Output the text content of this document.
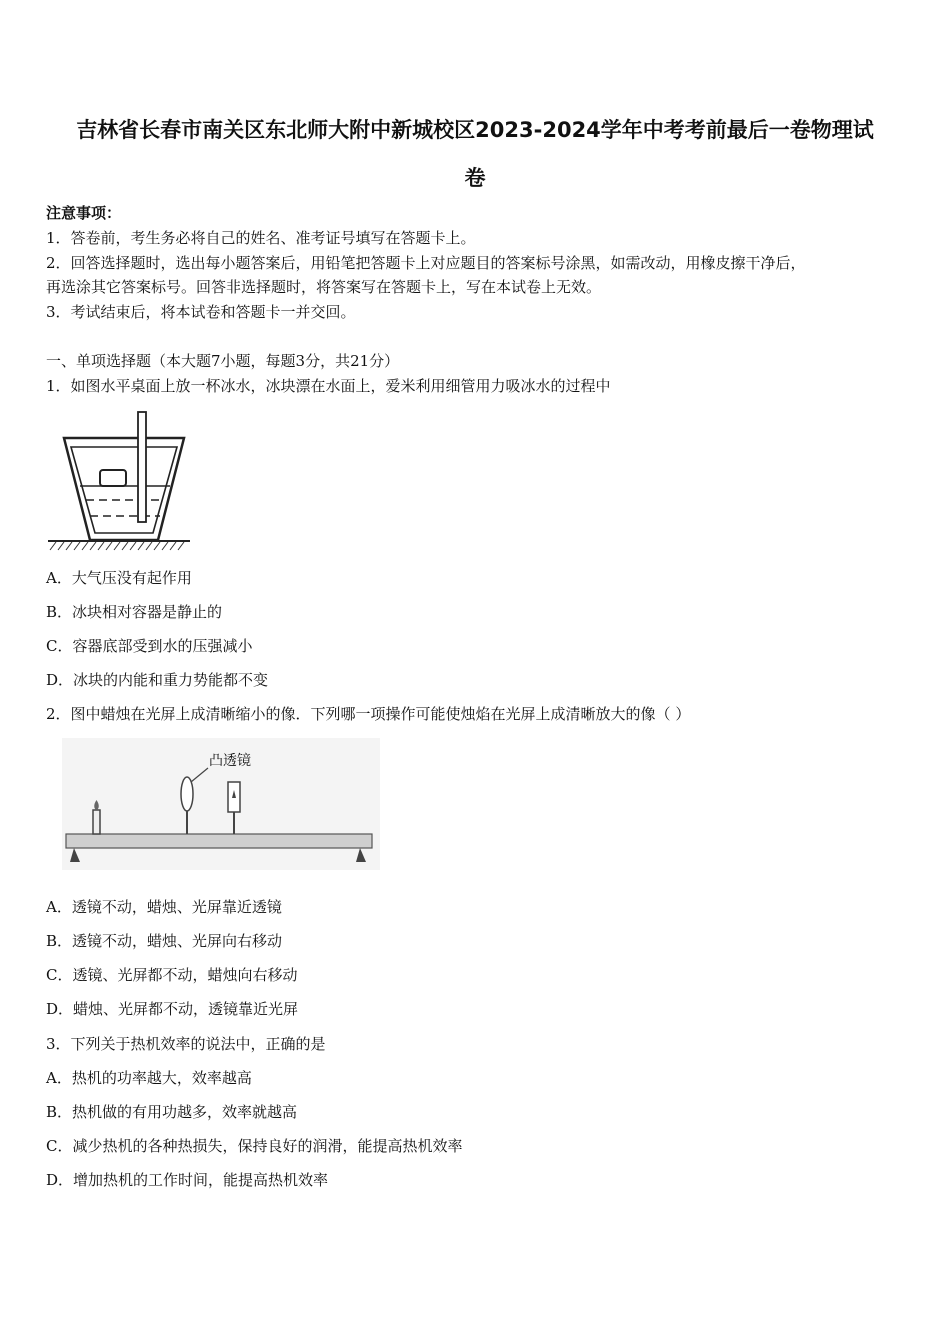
吉林省长春市南关区东北师大附中新城校区2023-2024学年中考考前最后一卷物理试
卷
注意事项：
1．答卷前，考生务必将自己的姓名、准考证号填写在答题卡上。
2．回答选择题时，选出每小题答案后，用铅笔把答题卡上对应题目的答案标号涂黑，如需改动，用橡皮擦干净后，
再选涂其它答案标号。回答非选择题时，将答案写在答题卡上，写在本试卷上无效。
3．考试结束后，将本试卷和答题卡一并交回。
一、单项选择题（本大题7小题，每题3分，共21分）
1．如图水平桌面上放一杯冰水，冰块漂在水面上，爱米利用细管用力吸冰水的过程中
A．大气压没有起作用
B．冰块相对容器是静止的
C．容器底部受到水的压强减小
D．冰块的内能和重力势能都不变
2．图中蜡烛在光屏上成清晰缩小的像．下列哪一项操作可能使烛焰在光屏上成清晰放大的像（ ）
凸透镜
A．透镜不动，蜡烛、光屏靠近透镜
B．透镜不动，蜡烛、光屏向右移动
C．透镜、光屏都不动，蜡烛向右移动
D．蜡烛、光屏都不动，透镜靠近光屏
3．下列关于热机效率的说法中，正确的是
A．热机的功率越大，效率越高
B．热机做的有用功越多，效率就越高
C．减少热机的各种热损失，保持良好的润滑，能提高热机效率
D．增加热机的工作时间，能提高热机效率
